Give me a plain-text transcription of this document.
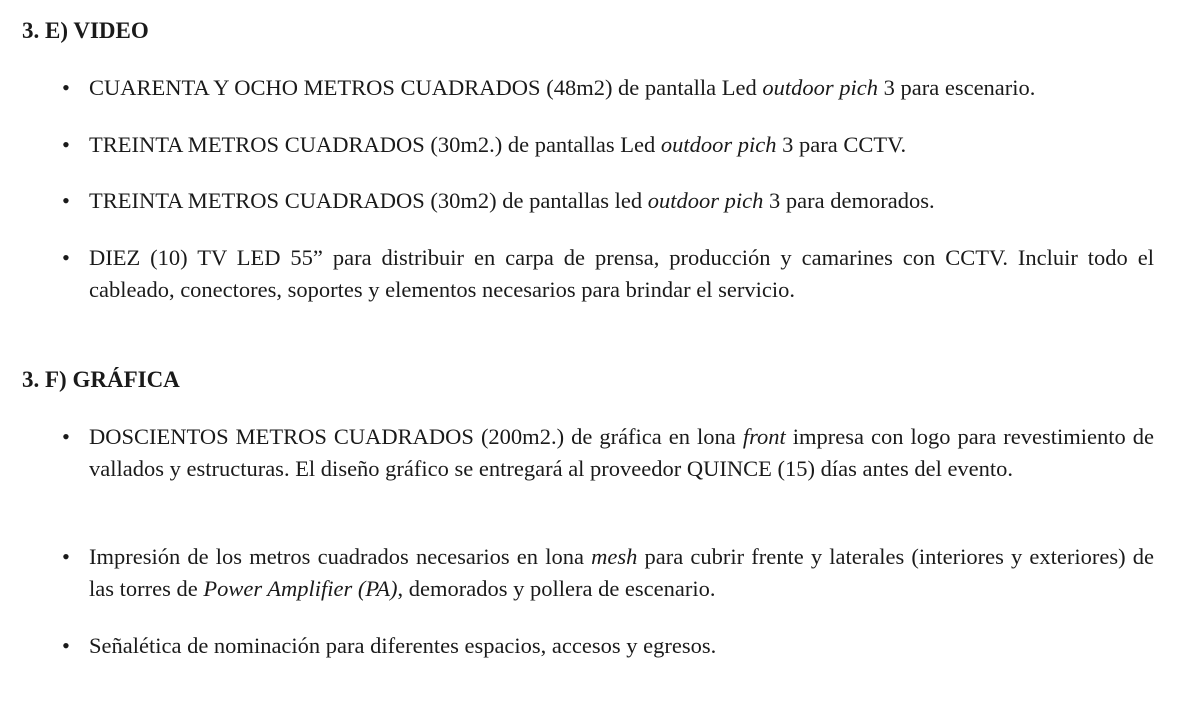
3. E) VIDEO
• CUARENTA Y OCHO METROS CUADRADOS (48m2) de pantalla Led outdoor pich 3 para escenario.
• TREINTA METROS CUADRADOS (30m2.) de pantallas Led outdoor pich 3 para CCTV.
• TREINTA METROS CUADRADOS (30m2) de pantallas led outdoor pich 3 para demorados.
• DIEZ (10) TV LED 55” para distribuir en carpa de prensa, producción y camarines con CCTV. Incluir todo el cableado, conectores, soportes y elementos necesarios para brindar el servicio.
3. F) GRÁFICA
• DOSCIENTOS METROS CUADRADOS (200m2.) de gráfica en lona front impresa con logo para revestimiento de vallados y estructuras. El diseño gráfico se entregará al proveedor QUINCE (15) días antes del evento.
• Impresión de los metros cuadrados necesarios en lona mesh para cubrir frente y laterales (interiores y exteriores) de las torres de Power Amplifier (PA), demorados y pollera de escenario.
• Señalética de nominación para diferentes espacios, accesos y egresos.
